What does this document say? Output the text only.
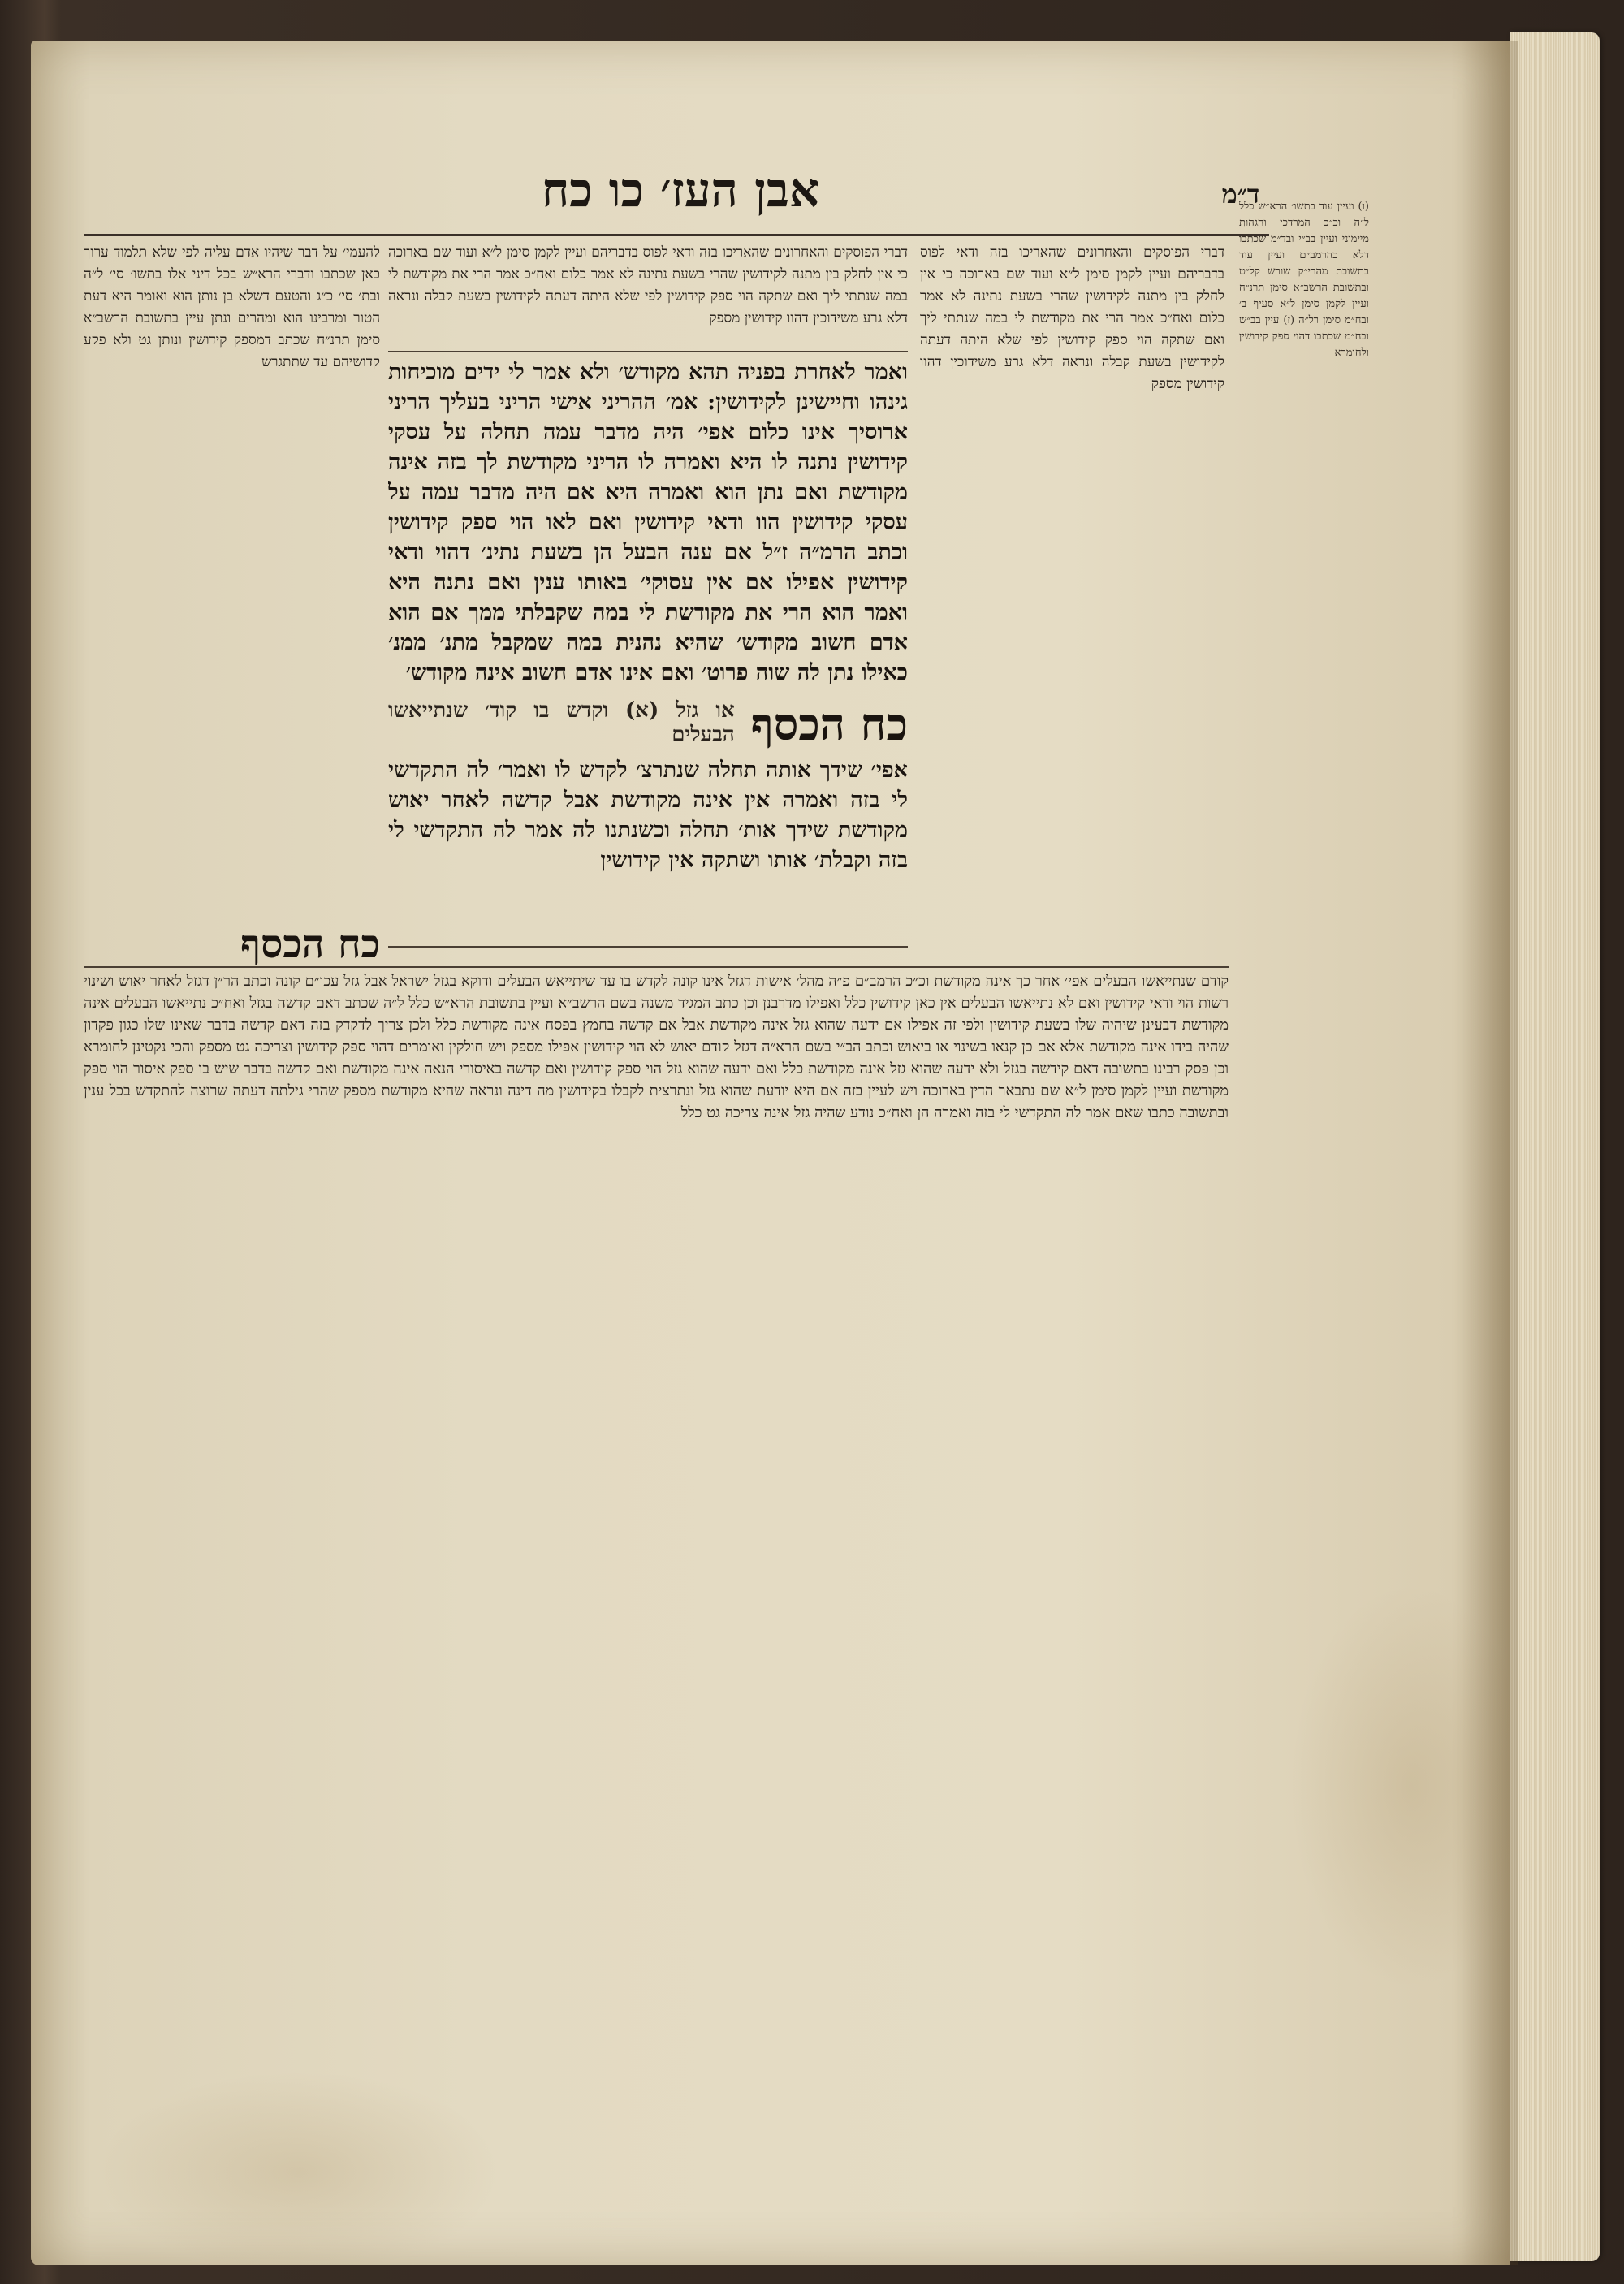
ד״מ
אבן העז׳ כו כח
דברי הפוסקים והאחרונים שהאריכו בזה ודאי לפוס בדבריהם ועיין לקמן סימן ל״א ועוד שם בארוכה כי אין לחלק בין מתנה לקידושין שהרי בשעת נתינה לא אמר כלום ואח״כ אמר הרי את מקודשת לי במה שנתתי ליך ואם שתקה הוי ספק קידושין לפי שלא היתה דעתה לקידושין בשעת קבלה ונראה דלא גרע משידוכין דהוו קידושין מספק
להעמי׳ על דבר שיהיו אדם עליה לפי שלא תלמוד ערוך כאן שכתבו ודברי הרא״ש בכל דיני אלו בתשו׳ סי׳ ל״ה ובת׳ סי׳ כ״ג והטעם דשלא בן נותן הוא ואומר היא דעת הטור ומרבינו הוא ומהרים ונתן עיין בתשובת הרשב״א סימן תרנ״ח שכתב דמספק קידושין ונותן גט ולא פקע קדושיהם עד שתתגרש
דברי הפוסקים והאחרונים שהאריכו בזה ודאי לפוס בדבריהם ועיין לקמן סימן ל״א ועוד שם בארוכה כי אין לחלק בין מתנה לקידושין שהרי בשעת נתינה לא אמר כלום ואח״כ אמר הרי את מקודשת לי במה שנתתי ליך ואם שתקה הוי ספק קידושין לפי שלא היתה דעתה לקידושין בשעת קבלה ונראה דלא גרע משידוכין דהוו קידושין מספק
ואמר לאחרת בפניה תהא מקודש׳ ולא אמר לי ידים מוכיחות גינהו וחיישינן לקידושין: אמ׳ ההריני אישי הריני בעליך הריני ארוסיך אינו כלום אפי׳ היה מדבר עמה תחלה על עסקי קידושין נתנה לו היא ואמרה לו הריני מקודשת לך בזה אינה מקודשת ואם נתן הוא ואמרה היא אם היה מדבר עמה על עסקי קידושין הוו ודאי קידושין ואם לאו הוי ספק קידושין וכתב הרמ״ה ז״ל אם ענה הבעל הן בשעת נתינ׳ דהוי ודאי קידושין אפילו אם אין עסוקי׳ באותו ענין ואם נתנה היא ואמר הוא הרי את מקודשת לי במה שקבלתי ממך אם הוא אדם חשוב מקודש׳ שהיא נהנית במה שמקבל מתנ׳ ממנ׳ כאילו נתן לה שוה פרוט׳ ואם אינו אדם חשוב אינה מקודש׳
כח הכסף
או גזל (א) וקדש בו קוד׳ שנתייאשו הבעלים
אפי׳ שידך אותה תחלה שנתרצ׳ לקדש לו ואמר׳ לה התקדשי לי בזה ואמרה אין אינה מקודשת אבל קדשה לאחר יאוש מקודשת שידך אות׳ תחלה וכשנתנו לה אמר לה התקדשי לי בזה וקבלת׳ אותו ושתקה אין קידושין
כח הכסף
קודם שנתייאשו הבעלים אפי׳ אחר כך אינה מקודשת וכ״כ הרמב״ם פ״ה מהל׳ אישות דגזל אינו קונה לקדש בו עד שיתייאש הבעלים ודוקא בגזל ישראל אבל גזל עכו״ם קונה וכתב הר״ן דגזל לאחר יאוש ושינוי רשות הוי ודאי קידושין ואם לא נתייאשו הבעלים אין כאן קידושין כלל ואפילו מדרבנן וכן כתב המגיד משנה בשם הרשב״א ועיין בתשובת הרא״ש כלל ל״ה שכתב דאם קדשה בגזל ואח״כ נתייאשו הבעלים אינה מקודשת דבעינן שיהיה שלו בשעת קידושין ולפי זה אפילו אם ידעה שהוא גזל אינה מקודשת אבל אם קדשה בחמץ בפסח אינה מקודשת כלל ולכן צריך לדקדק בזה דאם קדשה בדבר שאינו שלו כגון פקדון שהיה בידו אינה מקודשת אלא אם כן קנאו בשינוי או ביאוש וכתב הב״י בשם הרא״ה דגזל קודם יאוש לא הוי קידושין אפילו מספק ויש חולקין ואומרים דהוי ספק קידושין וצריכה גט מספק והכי נקטינן לחומרא וכן פסק רבינו בתשובה דאם קידשה בגזל ולא ידעה שהוא גזל אינה מקודשת כלל ואם ידעה שהוא גזל הוי ספק קידושין ואם קדשה באיסורי הנאה אינה מקודשת ואם קדשה בדבר שיש בו ספק איסור הוי ספק מקודשת ועיין לקמן סימן ל״א שם נתבאר הדין בארוכה ויש לעיין בזה אם היא יודעת שהוא גזל ונתרצית לקבלו בקידושין מה דינה ונראה שהיא מקודשת מספק שהרי גילתה דעתה שרוצה להתקדש בכל ענין ובתשובה כתבו שאם אמר לה התקדשי לי בזה ואמרה הן ואח״כ נודע שהיה גזל אינה צריכה גט כלל
(ו) ועיין עוד בתשו׳ הרא״ש כלל ל״ה וכ״כ המרדכי והגהות מיימוני ועיין בב״י ובד״מ שכתבו דלא כהרמב״ם ועיין עוד בתשובת מהרי״ק שורש קל״ט ובתשובת הרשב״א סימן תרנ״ח ועיין לקמן סימן ל״א סעיף ב׳ ובח״מ סימן רל״ה (ז) עיין בב״ש ובח״מ שכתבו דהוי ספק קידושין ולחומרא
